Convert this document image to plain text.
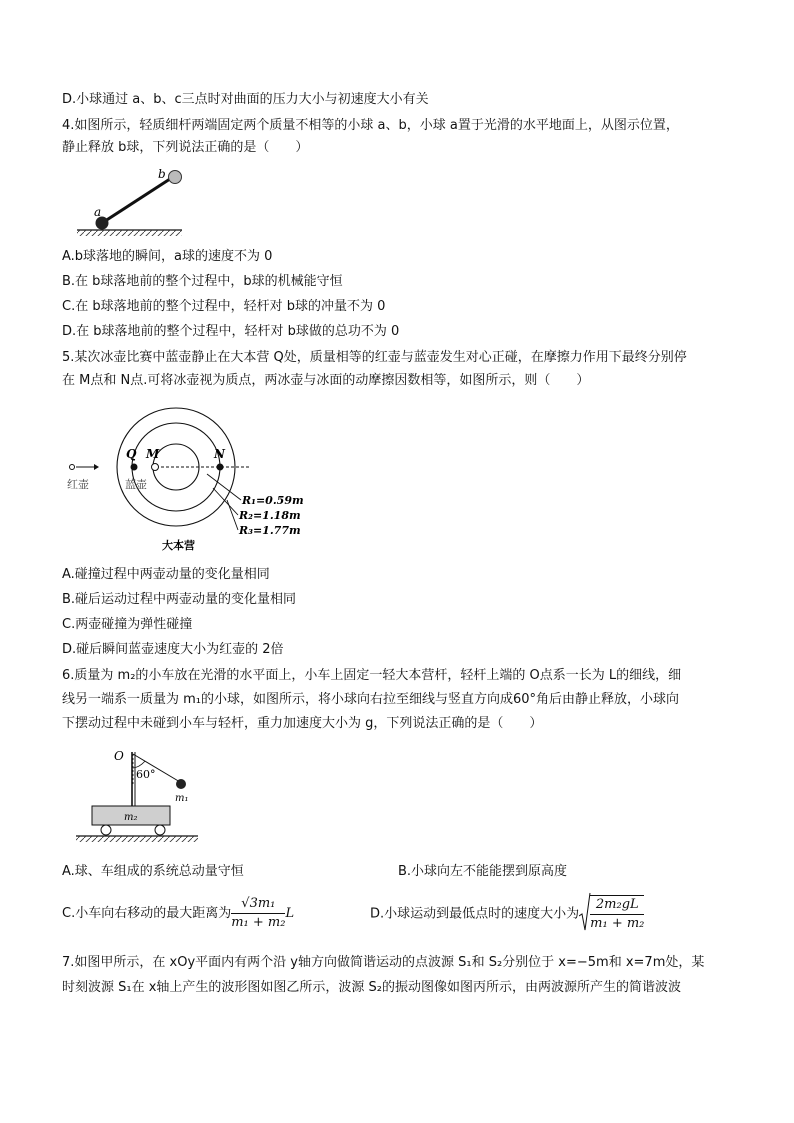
D.小球通过 a、b、c三点时对曲面的压力大小与初速度大小有关
4.如图所示，轻质细杆两端固定两个质量不相等的小球 a、b，小球 a置于光滑的水平地面上，从图示位置，
静止释放 b球，下列说法正确的是（　　）
a
b
A.b球落地的瞬间，a球的速度不为 0
B.在 b球落地前的整个过程中，b球的机械能守恒
C.在 b球落地前的整个过程中，轻杆对 b球的冲量不为 0
D.在 b球落地前的整个过程中，轻杆对 b球做的总功不为 0
5.某次冰壶比赛中蓝壶静止在大本营 Q处，质量相等的红壶与蓝壶发生对心正碰，在摩擦力作用下最终分别停
在 M点和 N点.可将冰壶视为质点，两冰壶与冰面的动摩擦因数相等，如图所示，则（　　）
红壶	蓝壶
Q M	N
R₁=0.59m
R₂=1.18m
R₃=1.77m
大本营
A.碰撞过程中两壶动量的变化量相同
B.碰后运动过程中两壶动量的变化量相同
C.两壶碰撞为弹性碰撞
D.碰后瞬间蓝壶速度大小为红壶的 2倍
6.质量为 m₂的小车放在光滑的水平面上，小车上固定一轻大本营杆，轻杆上端的 O点系一长为 L的细线，细
线另一端系一质量为 m₁的小球，如图所示，将小球向右拉至细线与竖直方向成60°角后由静止释放，小球向
下摆动过程中未碰到小车与轻杆，重力加速度大小为 g，下列说法正确的是（　　）
O
60°
m₁
m₂
A.球、车组成的系统总动量守恒	B.小球向左不能能摆到原高度
C.小车向右移动的最大距离为 $\frac{\text{√3m₁}}{\text{m₁ + m₂}}$ L	D.小球运动到最低点时的速度大小为 $\frac{\text{2m₂gL}}{\text{m₁ + m₂}}$
7.如图甲所示，在 xOy平面内有两个沿 y轴方向做简谐运动的点波源 S₁和 S₂分别位于 x=−5m和 x=7m处，某
时刻波源 S₁在 x轴上产生的波形图如图乙所示，波源 S₂的振动图像如图丙所示，由两波源所产生的简谐波波
